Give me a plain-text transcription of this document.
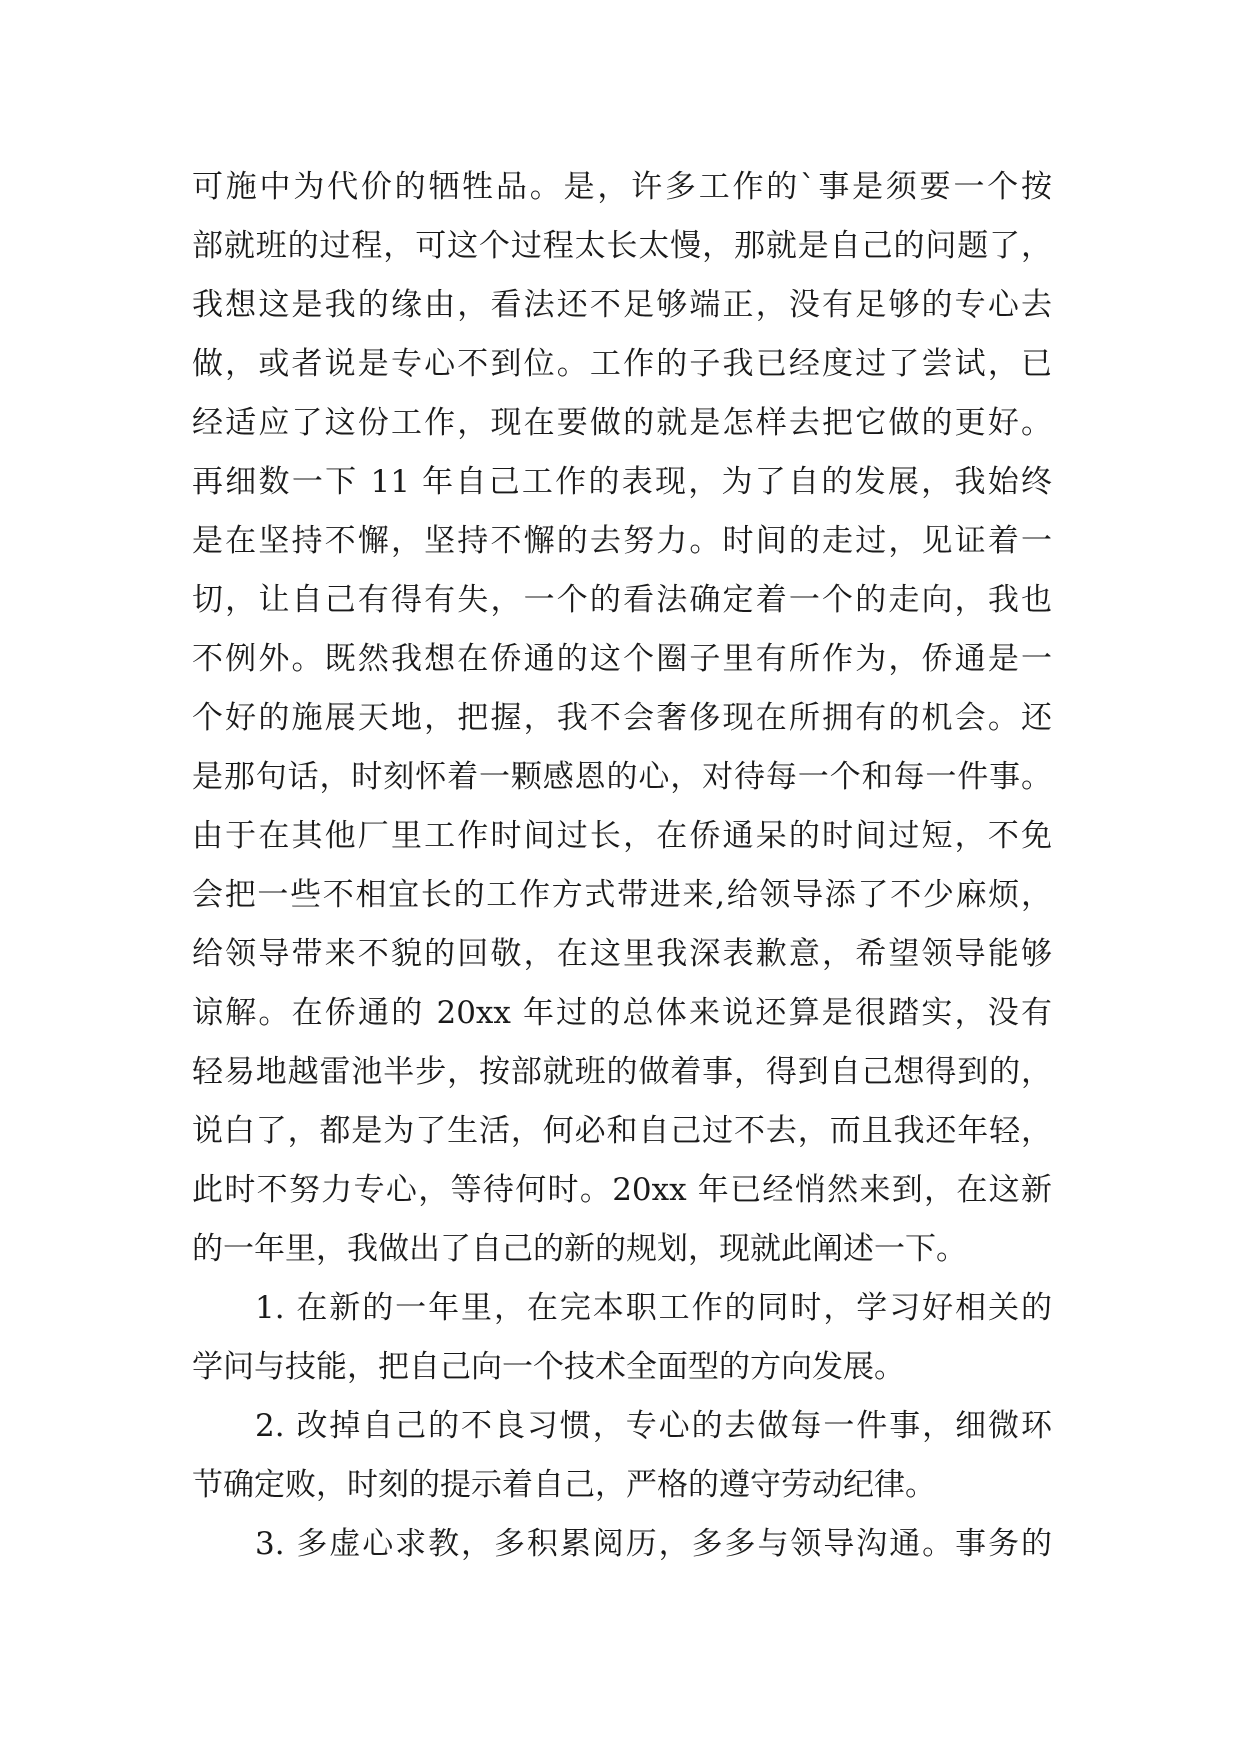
可施中为代价的牺牲品。是，许多工作的`事是须要一个按
部就班的过程，可这个过程太长太慢，那就是自己的问题了，
我想这是我的缘由，看法还不足够端正，没有足够的专心去
做，或者说是专心不到位。工作的子我已经度过了尝试，已
经适应了这份工作，现在要做的就是怎样去把它做的更好。
再细数一下 11 年自己工作的表现，为了自的发展，我始终
是在坚持不懈，坚持不懈的去努力。时间的走过，见证着一
切，让自己有得有失，一个的看法确定着一个的走向，我也
不例外。既然我想在侨通的这个圈子里有所作为，侨通是一
个好的施展天地，把握，我不会奢侈现在所拥有的机会。还
是那句话，时刻怀着一颗感恩的心，对待每一个和每一件事。
由于在其他厂里工作时间过长，在侨通呆的时间过短，不免
会把一些不相宜长的工作方式带进来,给领导添了不少麻烦，
给领导带来不貌的回敬，在这里我深表歉意，希望领导能够
谅解。在侨通的 20xx 年过的总体来说还算是很踏实，没有
轻易地越雷池半步，按部就班的做着事，得到自己想得到的，
说白了，都是为了生活，何必和自己过不去，而且我还年轻，
此时不努力专心，等待何时。20xx 年已经悄然来到，在这新
的一年里，我做出了自己的新的规划，现就此阐述一下。
1. 在新的一年里，在完本职工作的同时，学习好相关的
学问与技能，把自己向一个技术全面型的方向发展。
2. 改掉自己的不良习惯，专心的去做每一件事，细微环
节确定败，时刻的提示着自己，严格的遵守劳动纪律。
3. 多虚心求教，多积累阅历，多多与领导沟通。事务的
